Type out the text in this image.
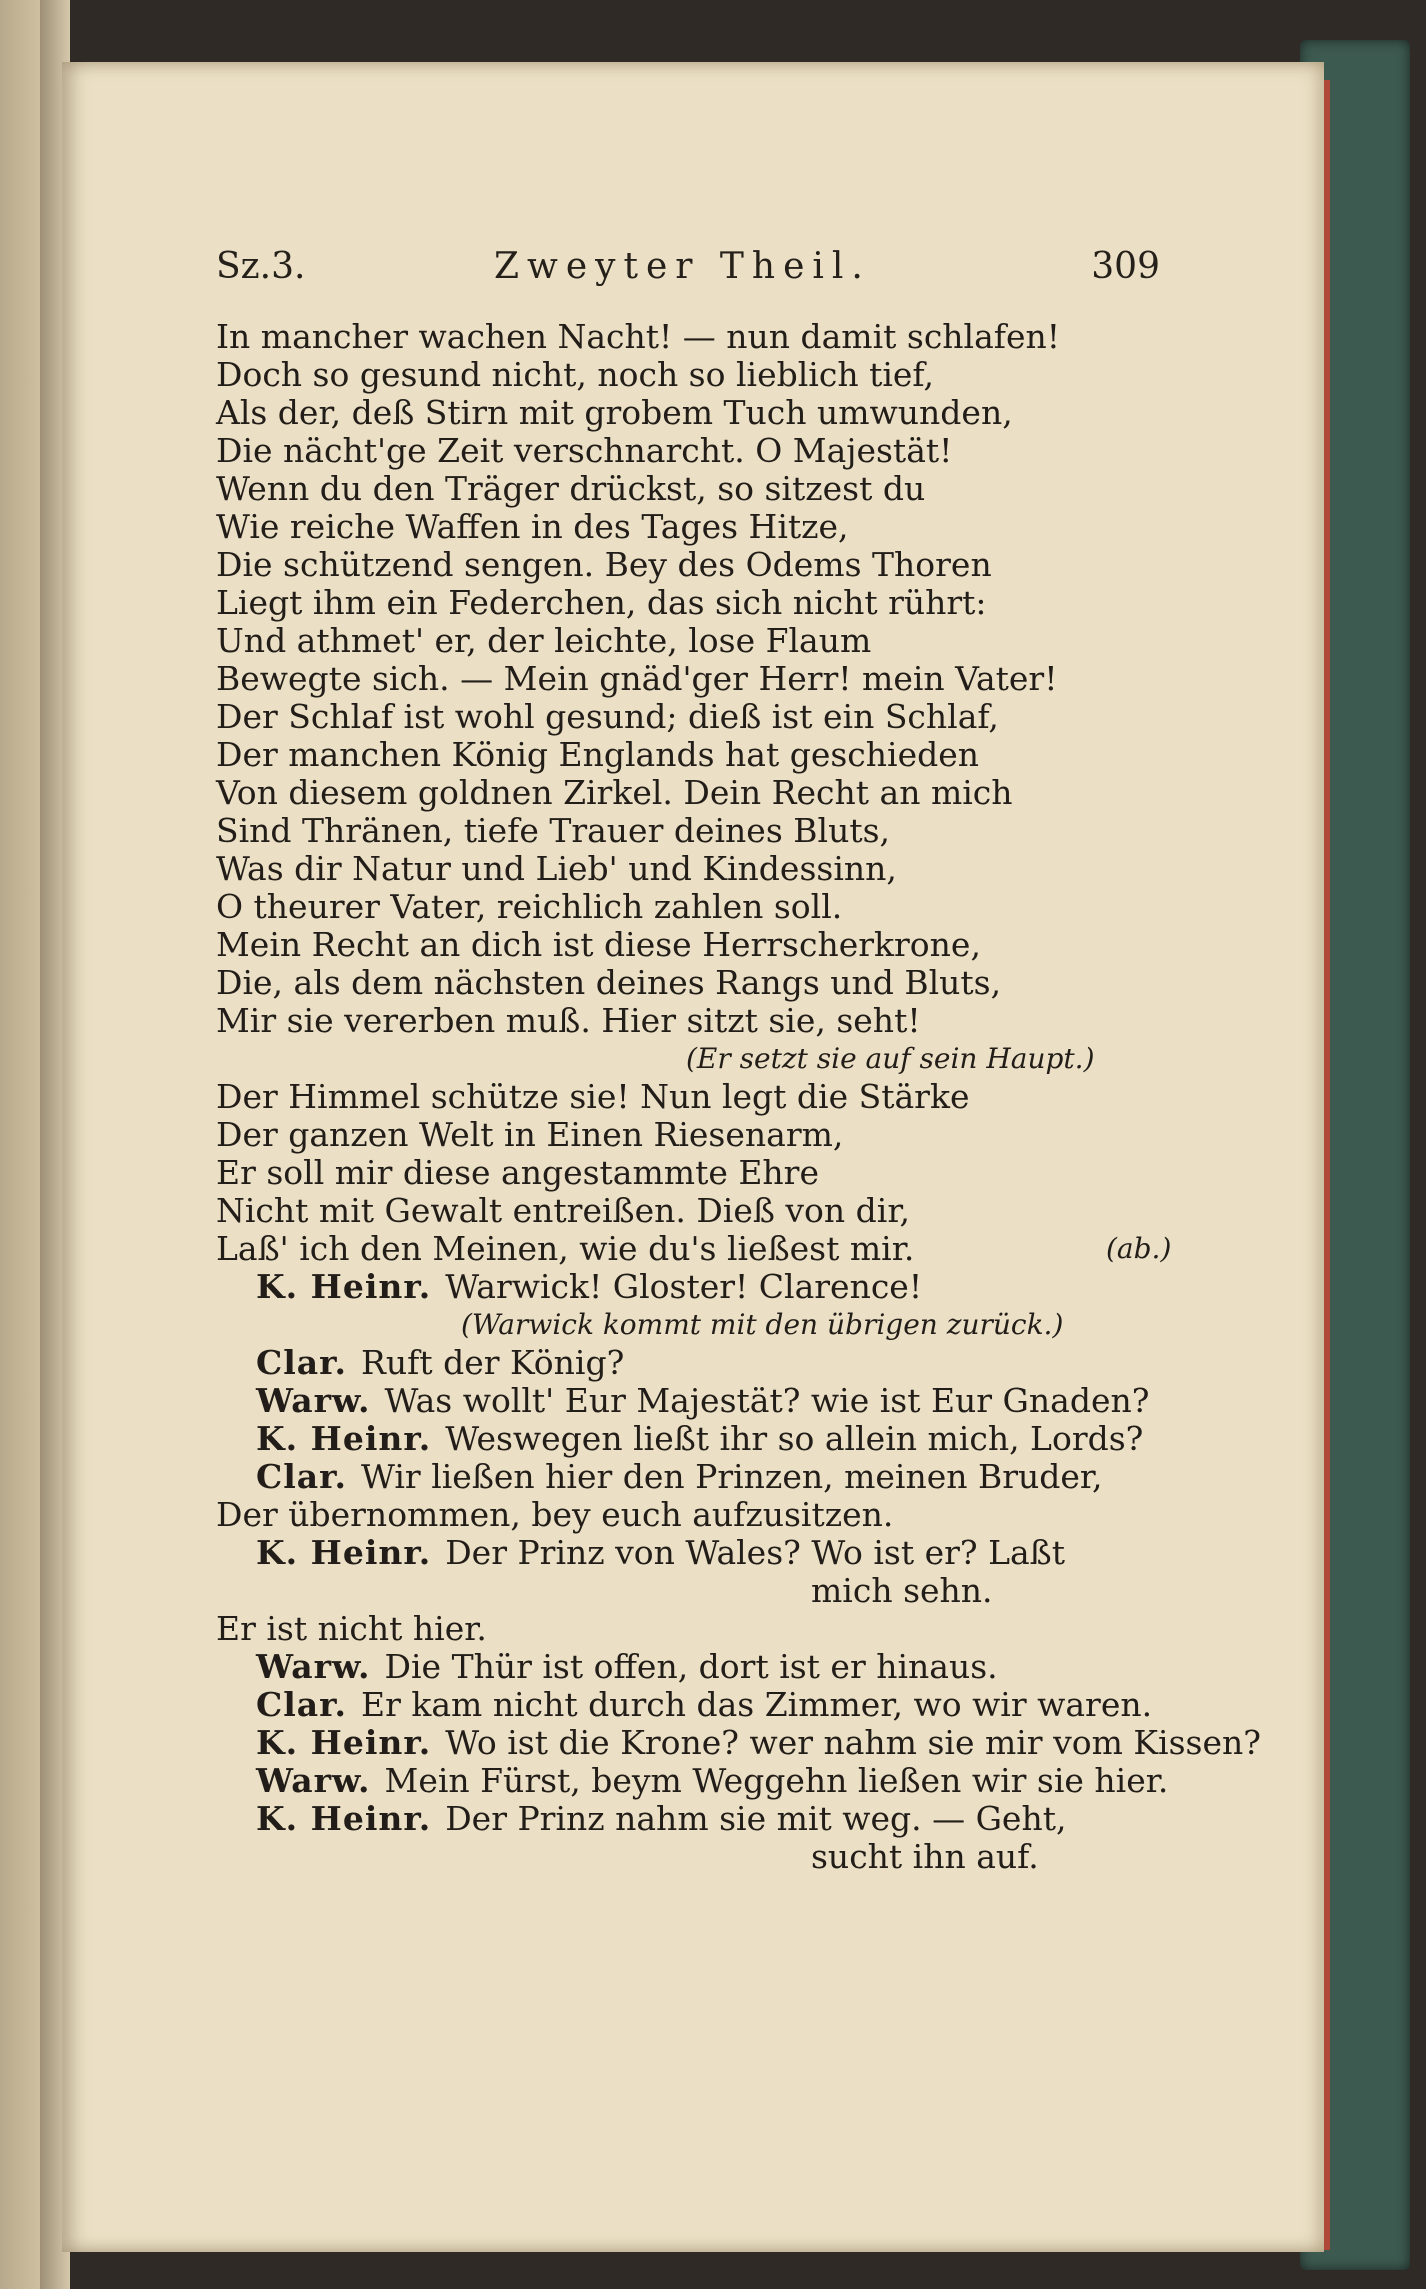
Sz.3.	Zweyter Theil.	309
In mancher wachen Nacht! — nun damit schlafen!
Doch so gesund nicht, noch so lieblich tief,
Als der, deß Stirn mit grobem Tuch umwunden,
Die nächt'ge Zeit verschnarcht. O Majestät!
Wenn du den Träger drückst, so sitzest du
Wie reiche Waffen in des Tages Hitze,
Die schützend sengen. Bey des Odems Thoren
Liegt ihm ein Federchen, das sich nicht rührt:
Und athmet' er, der leichte, lose Flaum
Bewegte sich. — Mein gnäd'ger Herr! mein Vater!
Der Schlaf ist wohl gesund; dieß ist ein Schlaf,
Der manchen König Englands hat geschieden
Von diesem goldnen Zirkel. Dein Recht an mich
Sind Thränen, tiefe Trauer deines Bluts,
Was dir Natur und Lieb' und Kindessinn,
O theurer Vater, reichlich zahlen soll.
Mein Recht an dich ist diese Herrscherkrone,
Die, als dem nächsten deines Rangs und Bluts,
Mir sie vererben muß. Hier sitzt sie, seht!
(Er setzt sie auf sein Haupt.)
Der Himmel schütze sie! Nun legt die Stärke
Der ganzen Welt in Einen Riesenarm,
Er soll mir diese angestammte Ehre
Nicht mit Gewalt entreißen. Dieß von dir,
Laß' ich den Meinen, wie du's ließest mir.	(ab.)
K. Heinr. Warwick! Gloster! Clarence!
(Warwick kommt mit den übrigen zurück.)
Clar. Ruft der König?
Warw. Was wollt' Eur Majestät? wie ist Eur Gnaden?
K. Heinr. Weswegen ließt ihr so allein mich, Lords?
Clar. Wir ließen hier den Prinzen, meinen Bruder,
Der übernommen, bey euch aufzusitzen.
K. Heinr. Der Prinz von Wales? Wo ist er? Laßt
mich sehn.
Er ist nicht hier.
Warw. Die Thür ist offen, dort ist er hinaus.
Clar. Er kam nicht durch das Zimmer, wo wir waren.
K. Heinr. Wo ist die Krone? wer nahm sie mir vom Kissen?
Warw. Mein Fürst, beym Weggehn ließen wir sie hier.
K. Heinr. Der Prinz nahm sie mit weg. — Geht,
sucht ihn auf.
